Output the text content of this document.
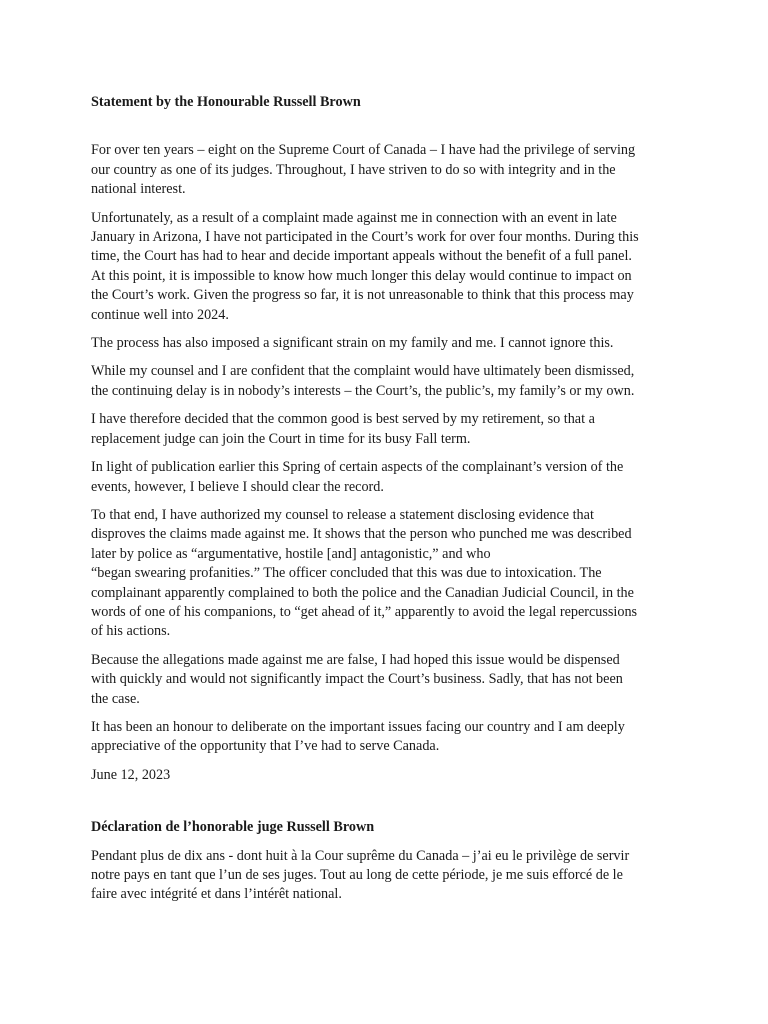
Statement by the Honourable Russell Brown

For over ten years – eight on the Supreme Court of Canada – I have had the privilege of serving
our country as one of its judges. Throughout, I have striven to do so with integrity and in the
national interest.

Unfortunately, as a result of a complaint made against me in connection with an event in late
January in Arizona, I have not participated in the Court’s work for over four months. During this
time, the Court has had to hear and decide important appeals without the benefit of a full panel.
At this point, it is impossible to know how much longer this delay would continue to impact on
the Court’s work. Given the progress so far, it is not unreasonable to think that this process may
continue well into 2024.

The process has also imposed a significant strain on my family and me. I cannot ignore this.

While my counsel and I are confident that the complaint would have ultimately been dismissed,
the continuing delay is in nobody’s interests – the Court’s, the public’s, my family’s or my own.

I have therefore decided that the common good is best served by my retirement, so that a
replacement judge can join the Court in time for its busy Fall term.

In light of publication earlier this Spring of certain aspects of the complainant’s version of the
events, however, I believe I should clear the record.

To that end, I have authorized my counsel to release a statement disclosing evidence that
disproves the claims made against me. It shows that the person who punched me was described
later by police as “argumentative, hostile [and] antagonistic,” and who
“began swearing profanities.” The officer concluded that this was due to intoxication. The
complainant apparently complained to both the police and the Canadian Judicial Council, in the
words of one of his companions, to “get ahead of it,” apparently to avoid the legal repercussions
of his actions.

Because the allegations made against me are false, I had hoped this issue would be dispensed
with quickly and would not significantly impact the Court’s business. Sadly, that has not been
the case.

It has been an honour to deliberate on the important issues facing our country and I am deeply
appreciative of the opportunity that I’ve had to serve Canada.

June 12, 2023

Déclaration de l’honorable juge Russell Brown

Pendant plus de dix ans - dont huit à la Cour suprême du Canada – j’ai eu le privilège de servir
notre pays en tant que l’un de ses juges. Tout au long de cette période, je me suis efforcé de le
faire avec intégrité et dans l’intérêt national.
